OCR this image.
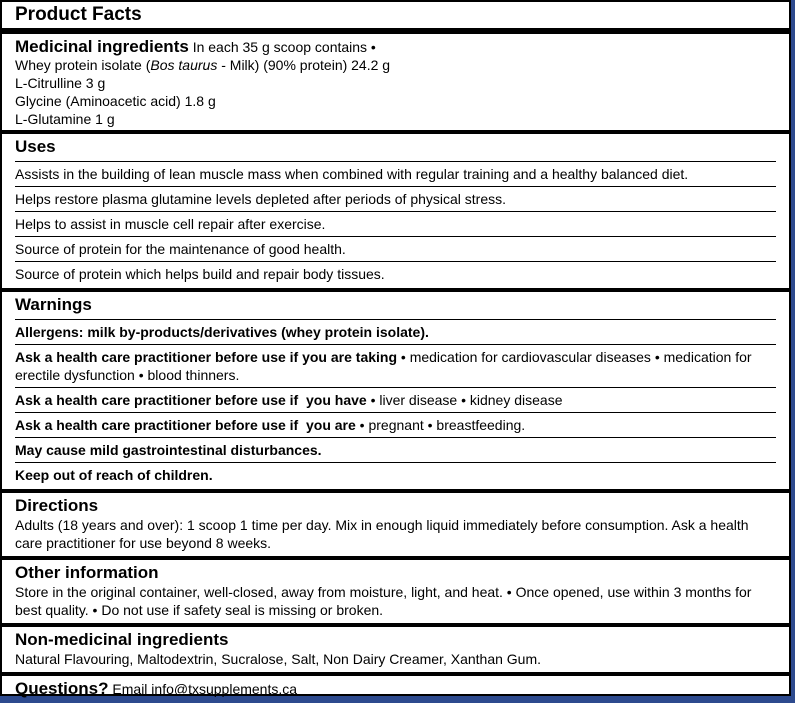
Product Facts
Medicinal ingredients In each 35 g scoop contains •
Whey protein isolate (Bos taurus - Milk) (90% protein) 24.2 g
L-Citrulline 3 g
Glycine (Aminoacetic acid) 1.8 g
L-Glutamine 1 g
Uses
Assists in the building of lean muscle mass when combined with regular training and a healthy balanced diet.
Helps restore plasma glutamine levels depleted after periods of physical stress.
Helps to assist in muscle cell repair after exercise.
Source of protein for the maintenance of good health.
Source of protein which helps build and repair body tissues.
Warnings
Allergens: milk by-products/derivatives (whey protein isolate).
Ask a health care practitioner before use if you are taking • medication for cardiovascular diseases • medication for erectile dysfunction • blood thinners.
Ask a health care practitioner before use if  you have • liver disease • kidney disease
Ask a health care practitioner before use if  you are • pregnant • breastfeeding.
May cause mild gastrointestinal disturbances.
Keep out of reach of children.
Directions
Adults (18 years and over): 1 scoop 1 time per day. Mix in enough liquid immediately before consumption. Ask a health care practitioner for use beyond 8 weeks.
Other information
Store in the original container, well-closed, away from moisture, light, and heat. • Once opened, use within 3 months for best quality. • Do not use if safety seal is missing or broken.
Non-medicinal ingredients
Natural Flavouring, Maltodextrin, Sucralose, Salt, Non Dairy Creamer, Xanthan Gum.
Questions? Email info@txsupplements.ca
